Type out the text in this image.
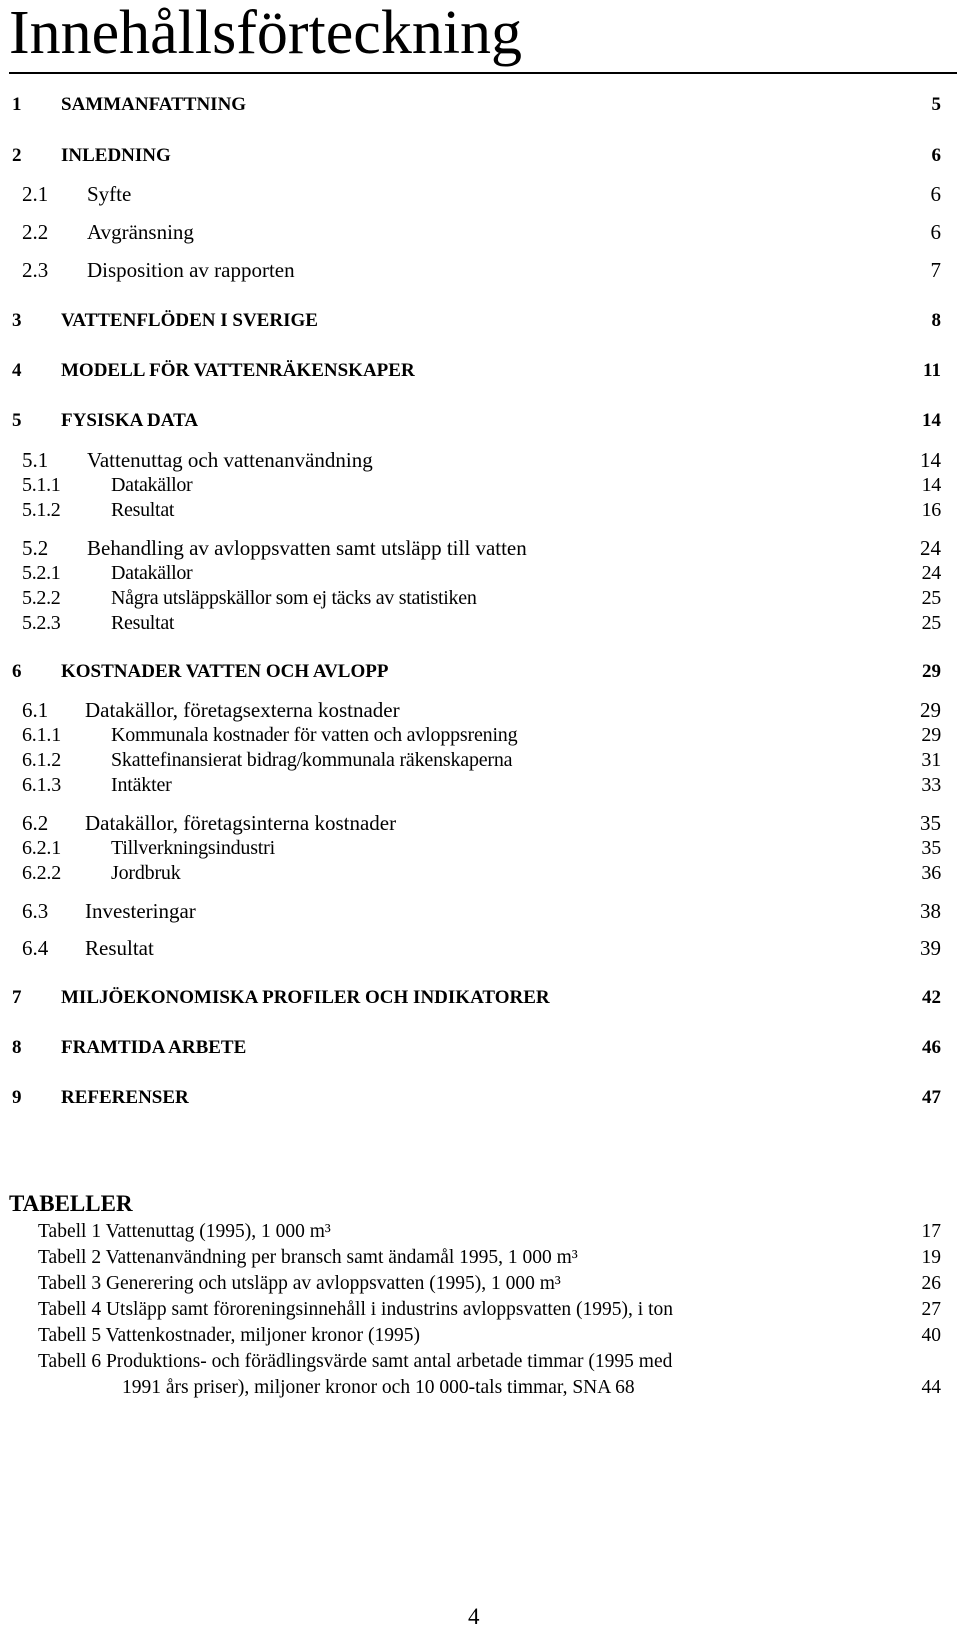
Innehållsförteckning
1 SAMMANFATTNING	5
2 INLEDNING	6
2.1 Syfte	6
2.2 Avgränsning	6
2.3 Disposition av rapporten	7
3 VATTENFLÖDEN I SVERIGE	8
4 MODELL FÖR VATTENRÄKENSKAPER	11
5 FYSISKA DATA	14
5.1 Vattenuttag och vattenanvändning	14
5.1.1	Datakällor	14
5.1.2	Resultat	16
5.2 Behandling av avloppsvatten samt utsläpp till vatten	24
5.2.1	Datakällor	24
5.2.2	Några utsläppskällor som ej täcks av statistiken	25
5.2.3	Resultat	25
6 KOSTNADER VATTEN OCH AVLOPP	29
6.1 Datakällor, företagsexterna kostnader	29
6.1.1 Kommunala kostnader för vatten och avloppsrening	29
6.1.2 Skattefinansierat bidrag/kommunala räkenskaperna	31
6.1.3 Intäkter	33
6.2 Datakällor, företagsinterna kostnader	35
6.2.1 Tillverkningsindustri	35
6.2.2 Jordbruk	36
6.3 Investeringar	38
6.4 Resultat	39
7 MILJÖEKONOMISKA PROFILER OCH INDIKATORER	42
8 FRAMTIDA ARBETE	46
9 REFERENSER	47
TABELLER
Tabell 1 Vattenuttag (1995), 1 000 m³	17
Tabell 2 Vattenanvändning per bransch samt ändamål 1995, 1 000 m³	19
Tabell 3 Generering och utsläpp av avloppsvatten (1995), 1 000 m³	26
Tabell 4 Utsläpp samt föroreningsinnehåll i industrins avloppsvatten (1995), i ton	27
Tabell 5 Vattenkostnader, miljoner kronor (1995)	40
Tabell 6 Produktions- och förädlingsvärde samt antal arbetade timmar (1995 med
1991 års priser), miljoner kronor och 10 000-tals timmar, SNA 68	44
4
